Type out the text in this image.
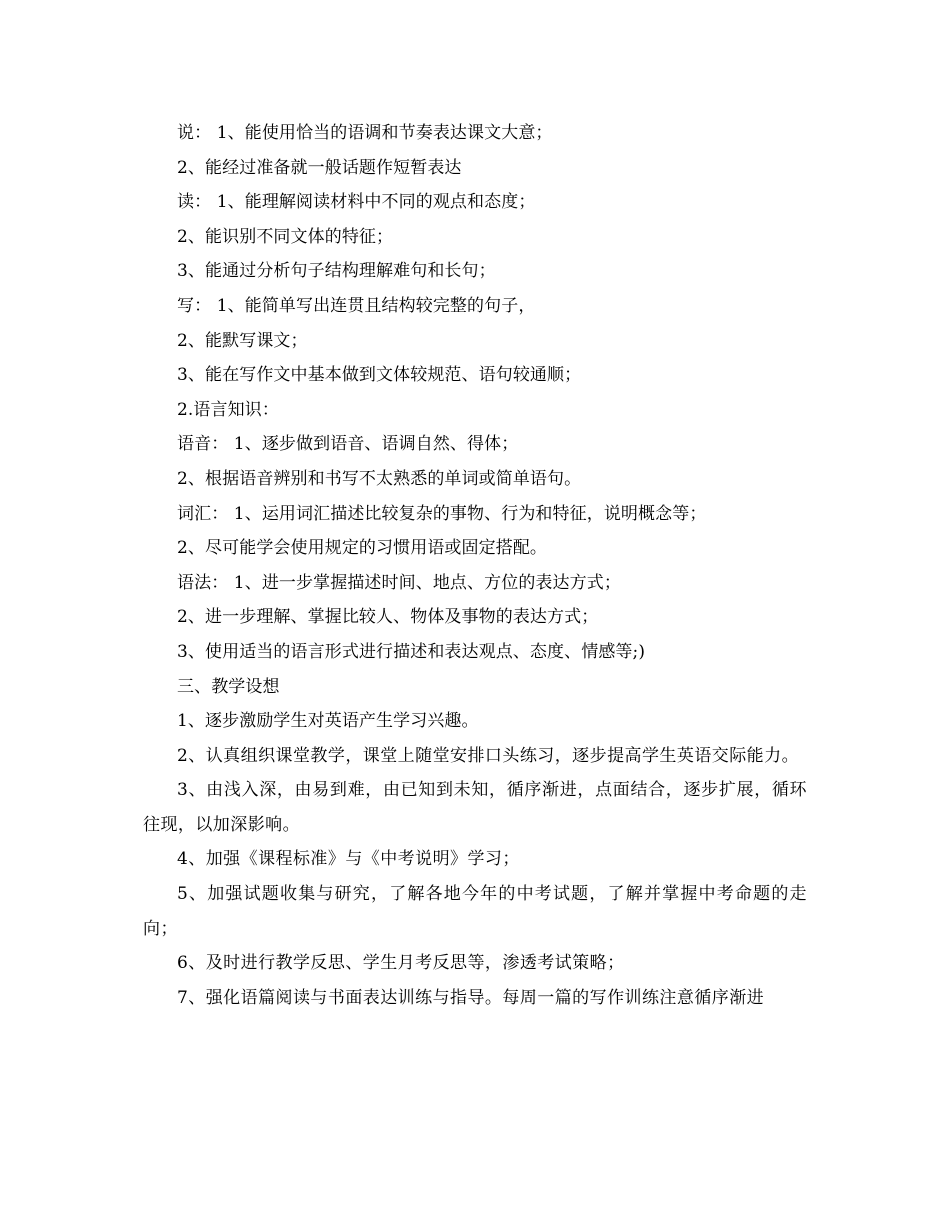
说： 1、能使用恰当的语调和节奏表达课文大意；

2、能经过准备就一般话题作短暂表达

读： 1、能理解阅读材料中不同的观点和态度；

2、能识别不同文体的特征；

3、能通过分析句子结构理解难句和长句；

写： 1、能简单写出连贯且结构较完整的句子，

2、能默写课文；

3、能在写作文中基本做到文体较规范、语句较通顺；

2.语言知识：

语音： 1、逐步做到语音、语调自然、得体；

2、根据语音辨别和书写不太熟悉的单词或简单语句。

词汇： 1、运用词汇描述比较复杂的事物、行为和特征，说明概念等；

2、尽可能学会使用规定的习惯用语或固定搭配。

语法： 1、进一步掌握描述时间、地点、方位的表达方式；

2、进一步理解、掌握比较人、物体及事物的表达方式；

3、使用适当的语言形式进行描述和表达观点、态度、情感等;)

三、教学设想

1、逐步激励学生对英语产生学习兴趣。

2、认真组织课堂教学，课堂上随堂安排口头练习，逐步提高学生英语交际能力。

3、由浅入深，由易到难，由已知到未知，循序渐进，点面结合，逐步扩展，循环往现，以加深影响。

4、加强《课程标准》与《中考说明》学习；

5、加强试题收集与研究，了解各地今年的中考试题，了解并掌握中考命题的走向；

6、及时进行教学反思、学生月考反思等，渗透考试策略；

7、强化语篇阅读与书面表达训练与指导。每周一篇的写作训练注意循序渐进
